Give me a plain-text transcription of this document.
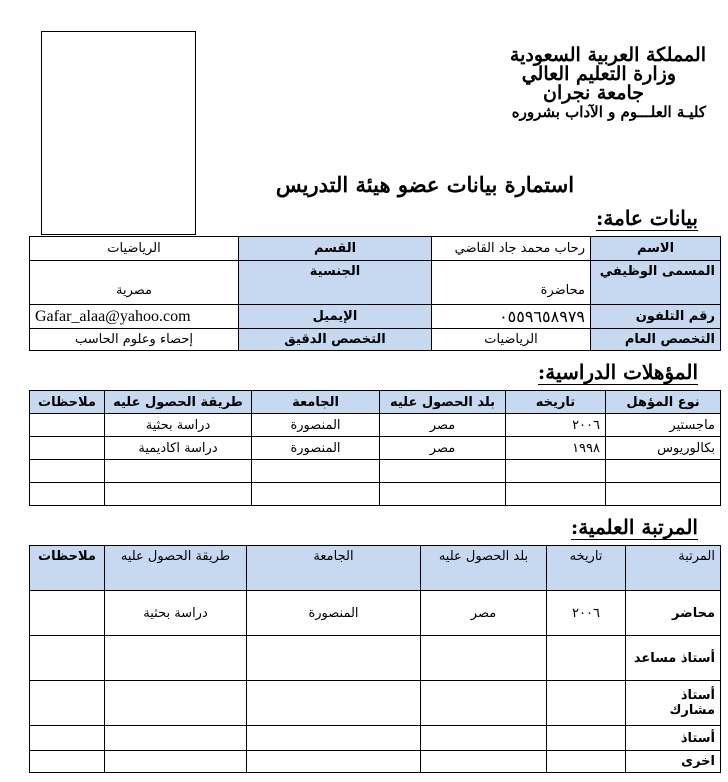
المملكة العربية السعودية
وزارة التعليم العالي
جامعة نجران
كليـة العلـــوم و الآداب بشروره
استمارة بيانات عضو هيئة التدريس
بيانات عامة:
الاسم	رحاب محمد جاد القاضي	القسم	الرياضيات
المسمى الوظيفي	محاضرة	الجنسية	مصرية
رقم التلفون	٠٥٥٩٦٥٨٩٧٩	الإيميل	Gafar_alaa@yahoo.com
التخصص العام	الرياضيات	التخصص الدقيق	إحصاء وعلوم الحاسب
المؤهلات الدراسية:
نوع المؤهل	تاريخه	بلد الحصول عليه	الجامعة	طريقة الحصول عليه	ملاحظات
ماجستير	٢٠٠٦	مصر	المنصورة	دراسة بحثية	
بكالوريوس	١٩٩٨	مصر	المنصورة	دراسة اكاديمية	

المرتبة العلمية:
المرتبة	تاريخه	بلد الحصول عليه	الجامعة	طريقة الحصول عليه	ملاحظات
محاضر	٢٠٠٦	مصر	المنصورة	دراسة بحثية	
أستاذ مساعد					
أستاذ مشارك					
أستاذ					
اخرى					
